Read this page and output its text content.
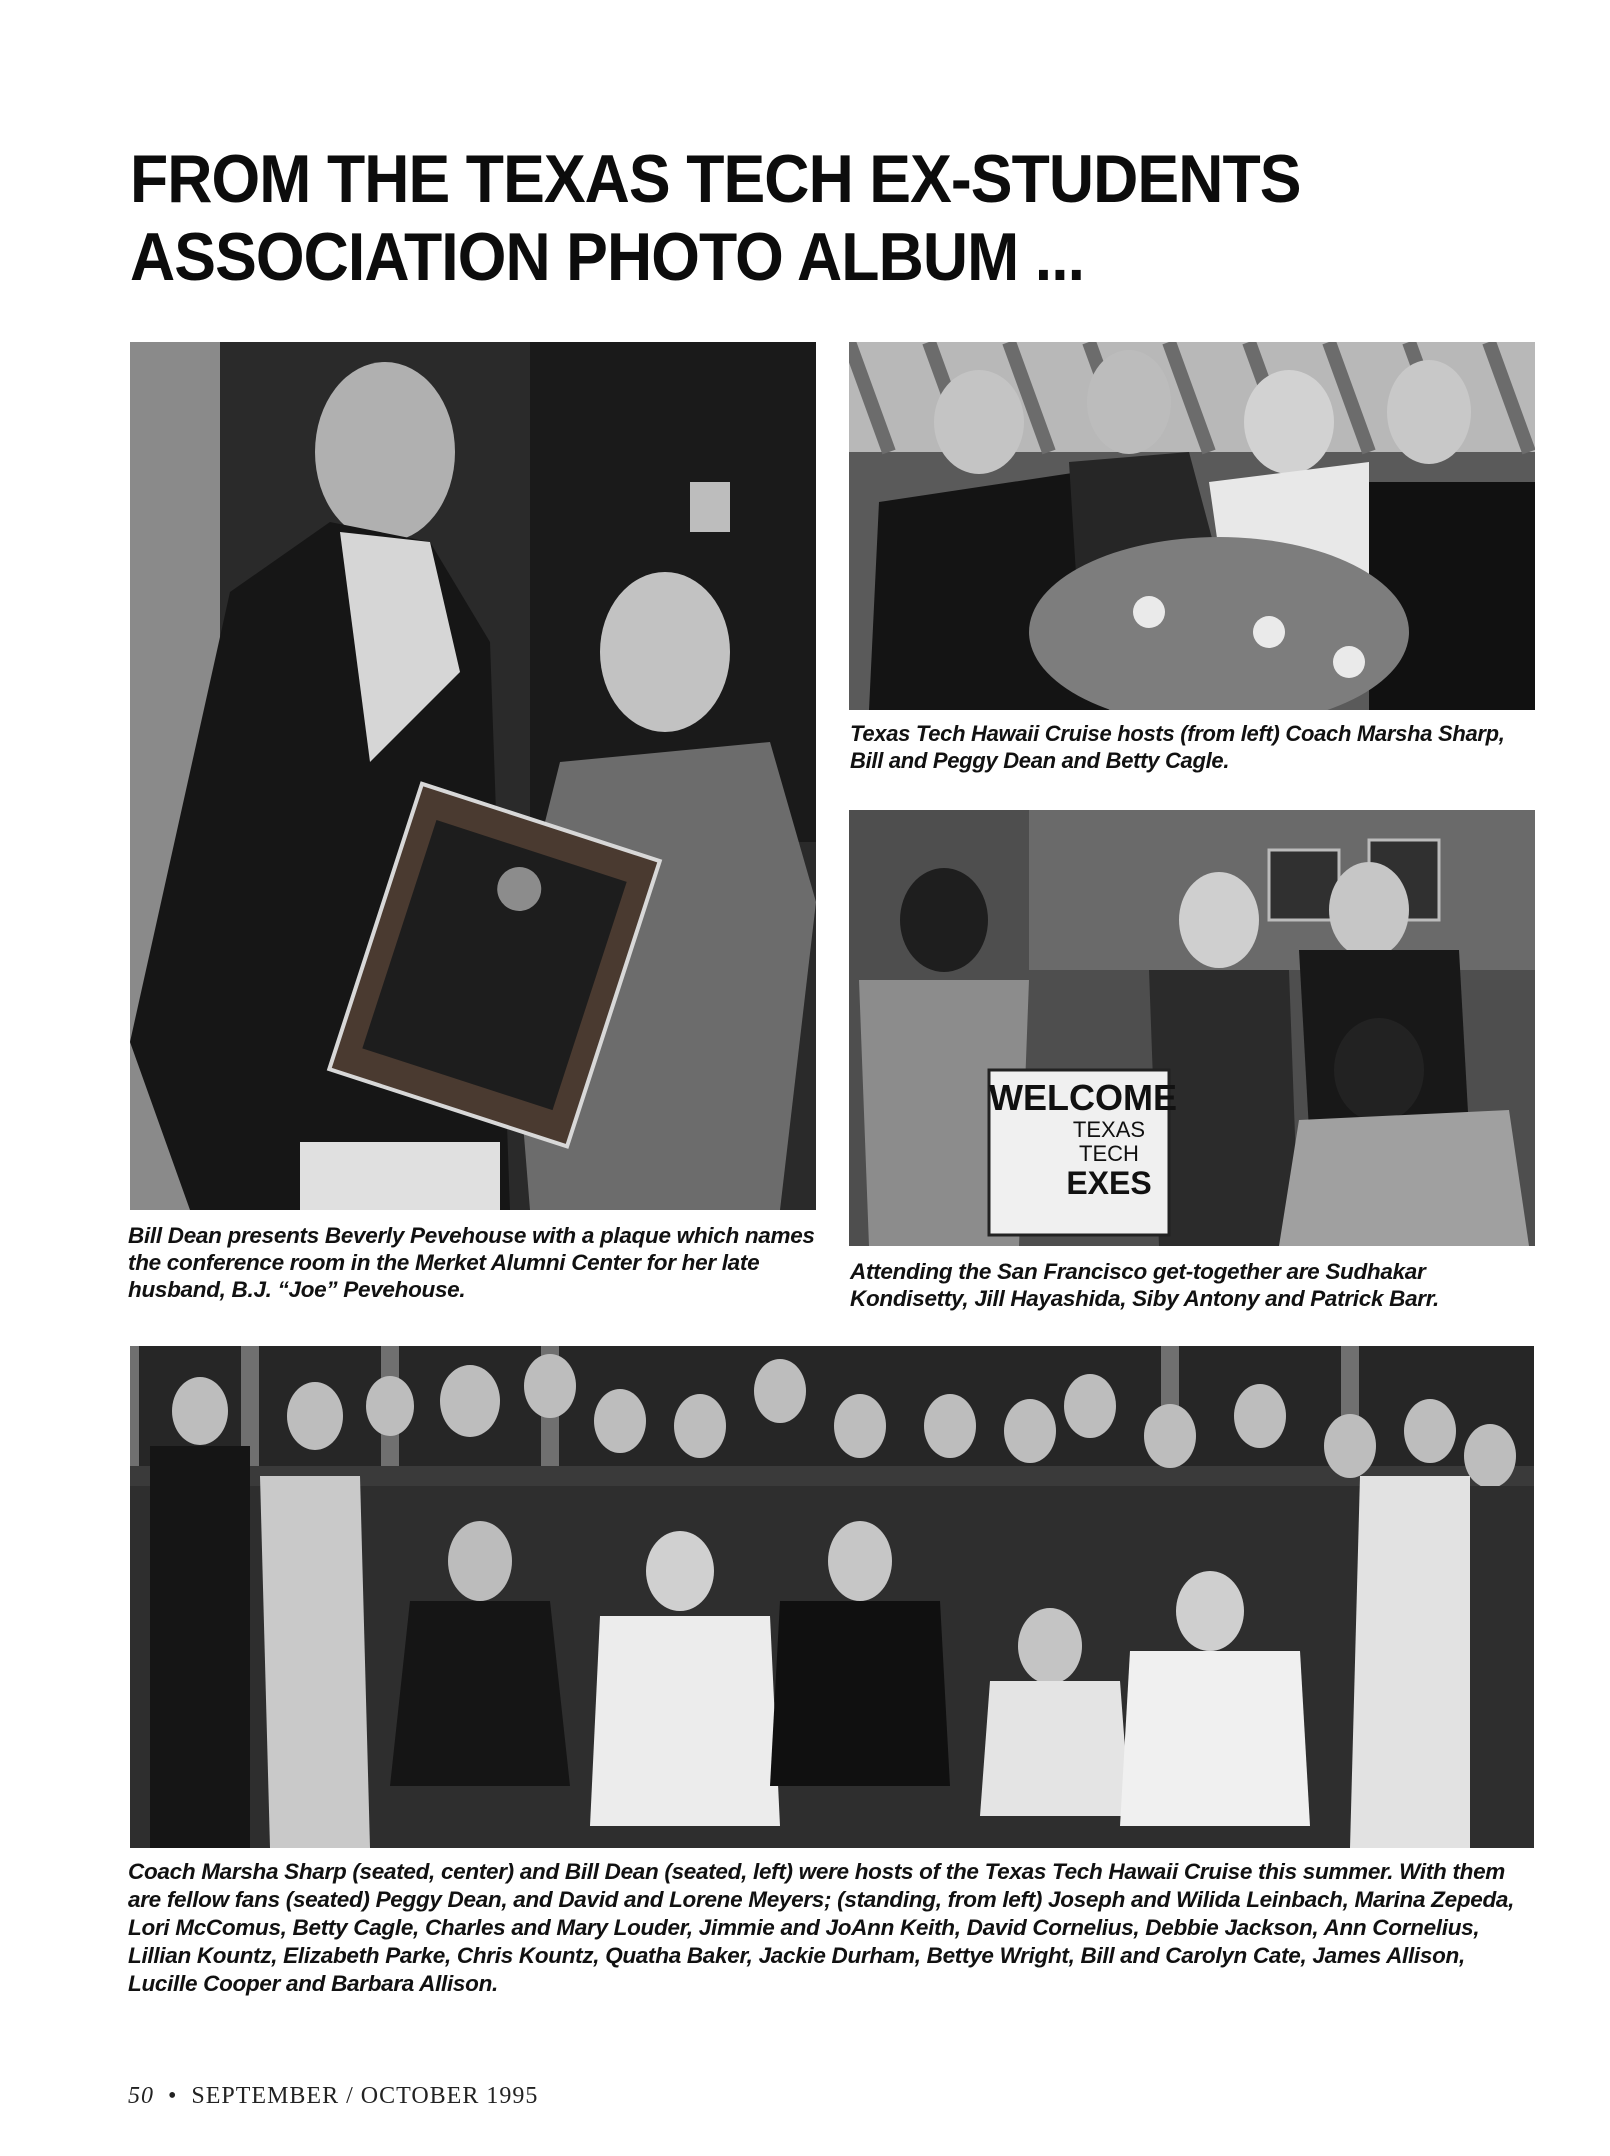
FROM THE TEXAS TECH EX-STUDENTS
ASSOCIATION PHOTO ALBUM ...

Bill Dean presents Beverly Pevehouse with a plaque which names the conference room in the Merket Alumni Center for her late husband, B.J. “Joe” Pevehouse.

Texas Tech Hawaii Cruise hosts (from left) Coach Marsha Sharp, Bill and Peggy Dean and Betty Cagle.

WELCOME
TEXAS
TECH
EXES

Attending the San Francisco get-together are Sudhakar Kondisetty, Jill Hayashida, Siby Antony and Patrick Barr.

Coach Marsha Sharp (seated, center) and Bill Dean (seated, left) were hosts of the Texas Tech Hawaii Cruise this summer. With them are fellow fans (seated) Peggy Dean, and David and Lorene Meyers; (standing, from left) Joseph and Wilida Leinbach, Marina Zepeda, Lori McComus, Betty Cagle, Charles and Mary Louder, Jimmie and JoAnn Keith, David Cornelius, Debbie Jackson, Ann Cornelius, Lillian Kountz, Elizabeth Parke, Chris Kountz, Quatha Baker, Jackie Durham, Bettye Wright, Bill and Carolyn Cate, James Allison, Lucille Cooper and Barbara Allison.

50 • SEPTEMBER / OCTOBER 1995
